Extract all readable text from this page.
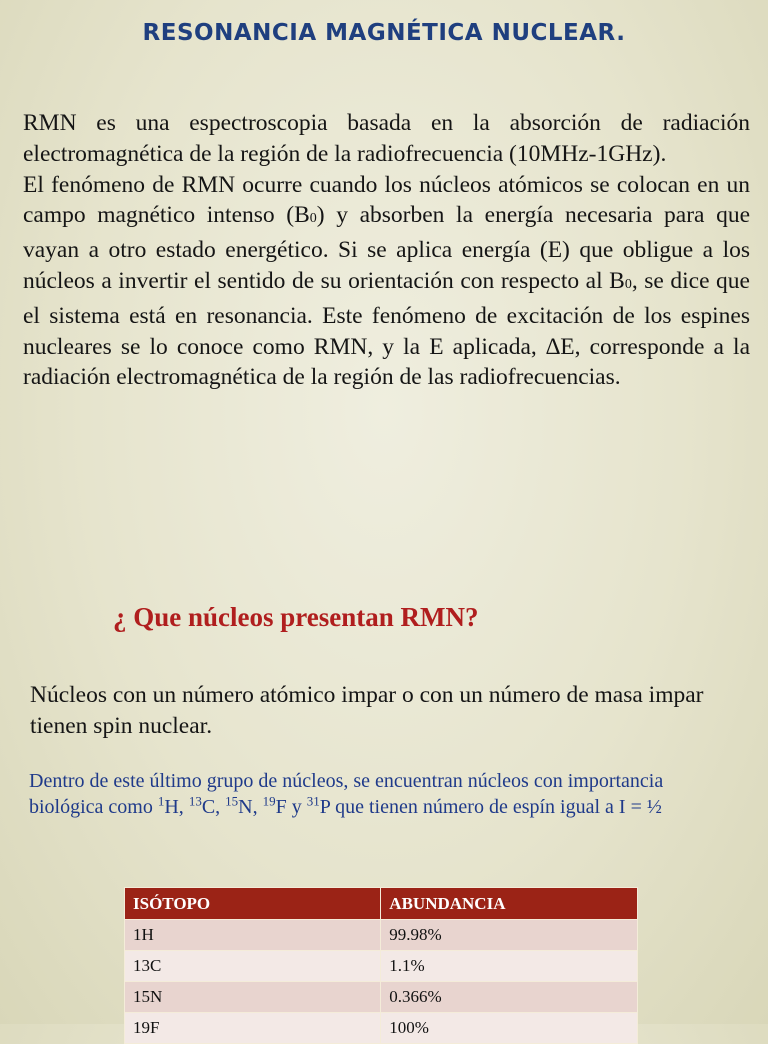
RESONANCIA MAGNÉTICA NUCLEAR.

RMN es una espectroscopia basada en la absorción de radiación electromagnética de la región de la radiofrecuencia (10MHz-1GHz).

El fenómeno de RMN ocurre cuando los núcleos atómicos se colocan en un campo magnético intenso (B0) y absorben la energía necesaria para que vayan a otro estado energético. Si se aplica energía (E) que obligue a los núcleos a invertir el sentido de su orientación con respecto al B0, se dice que el sistema está en resonancia. Este fenómeno de excitación de los espines nucleares se lo conoce como RMN, y la E aplicada, ∆E, corresponde a la radiación electromagnética de la región de las radiofrecuencias.

¿ Que núcleos presentan RMN?
Núcleos con un número atómico impar o con un número de masa impar tienen spin nuclear.
Dentro de este último grupo de núcleos, se encuentran núcleos con importancia biológica como $^1$H, $^{13}$C, $^{15}$N, $^{19}$F y $^{31}$P que tienen número de espín igual a I = ½
ISÓTOPO	ABUNDANCIA
1H	99.98%
13C	1.1%
15N	0.366%
19F	100%
